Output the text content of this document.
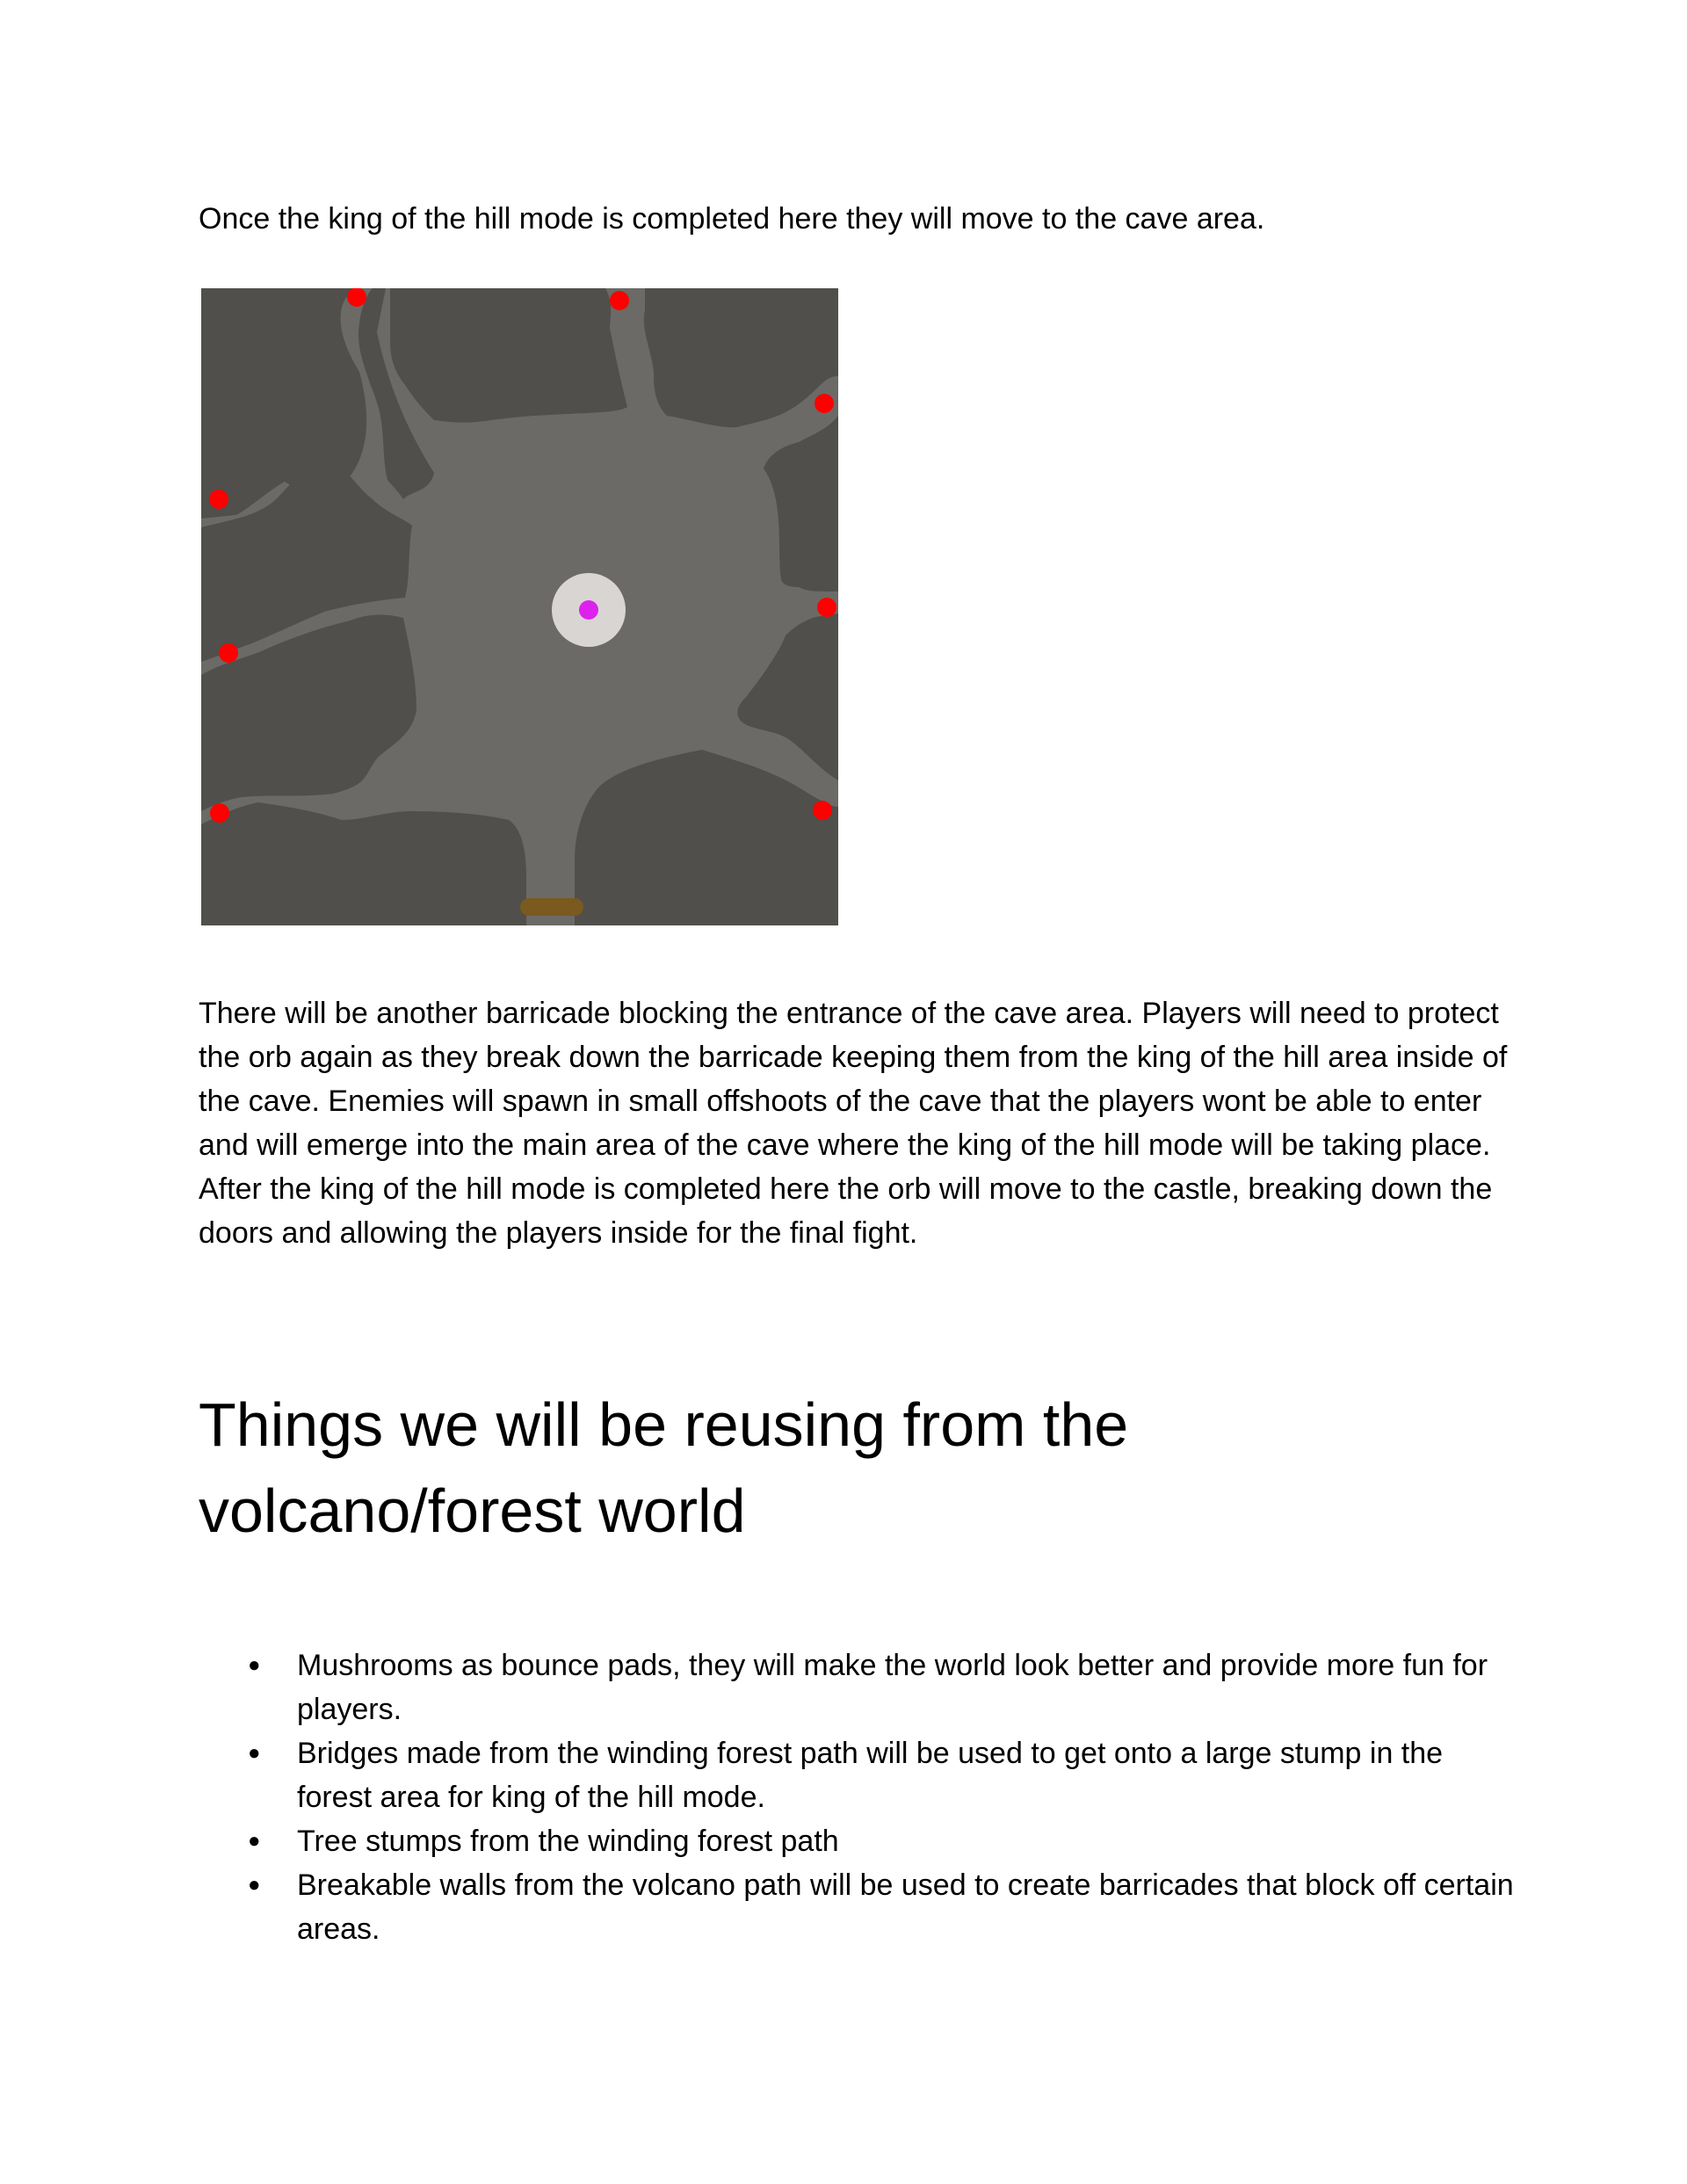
Once the king of the hill mode is completed here they will move to the cave area.

There will be another barricade blocking the entrance of the cave area. Players will need to protect the orb again as they break down the barricade keeping them from the king of the hill area inside of the cave. Enemies will spawn in small offshoots of the cave that the players wont be able to enter and will emerge into the main area of the cave where the king of the hill mode will be taking place. After the king of the hill mode is completed here the orb will move to the castle, breaking down the doors and allowing the players inside for the final fight.

Things we will be reusing from the volcano/forest world
● Mushrooms as bounce pads, they will make the world look better and provide more fun for players.
● Bridges made from the winding forest path will be used to get onto a large stump in the forest area for king of the hill mode.
● Tree stumps from the winding forest path
● Breakable walls from the volcano path will be used to create barricades that block off certain areas.
